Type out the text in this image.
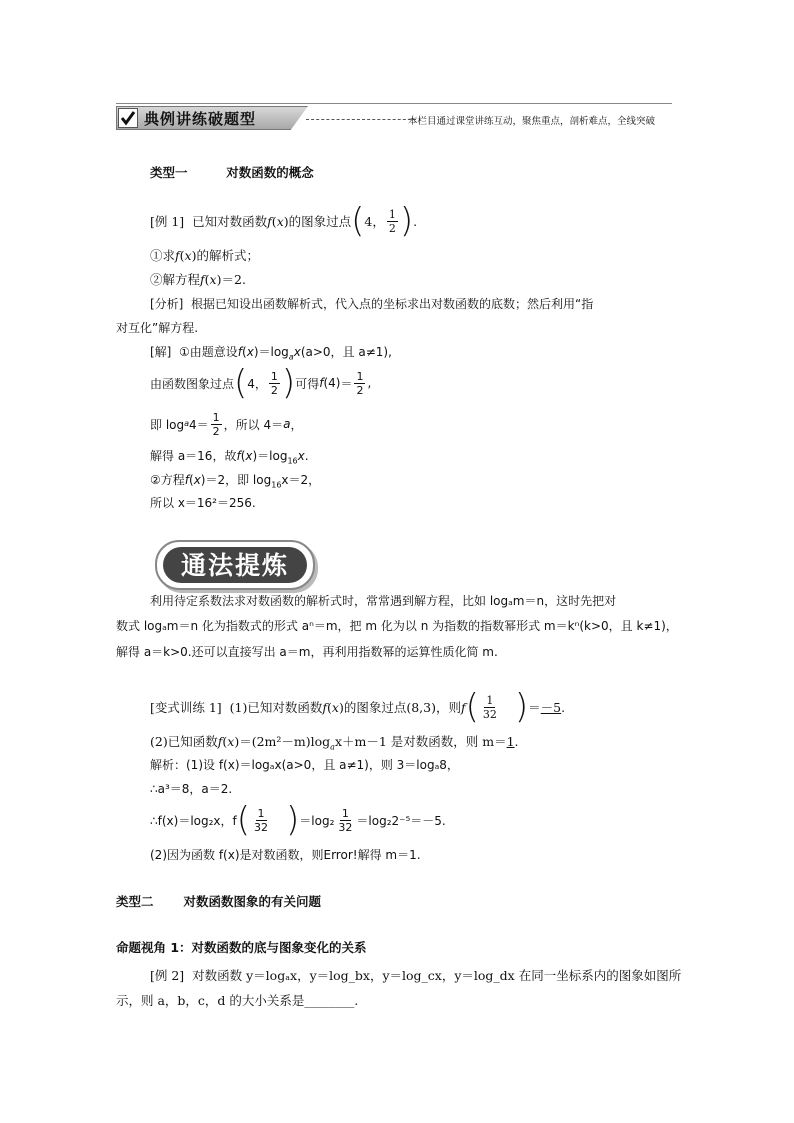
典例讲练破题型	本栏目通过课堂讲练互动，聚焦重点，剖析难点，全线突破
类型一	对数函数的概念
[例 1]
已知对数函数 f ( x ) 的图象过点 ( 4， $\frac{1}{2}$ ) .
①求f(x)的解析式；
②解方程f(x)＝2.
[分析] 根据已知设出函数解析式，代入点的坐标求出对数函数的底数；然后利用“指
对互化”解方程.
[解] ①由题意设$f(x)=\log_ax(a>0$，且 a≠1),
由函数图象过点 ( 4， $\frac{1}{2}$ ) 可得 f $(4) = \frac{1}{2}$ ,
即 log a $4= \frac{1}{2}$ ，所以 4＝ a ，
解得 a＝16，故$f(x)=\log_{16}x$.
②方程f(x)＝2，即 $\log_{16}x=2$，
所以 x＝16²＝256.
通法提炼
利用待定系数法求对数函数的解析式时，常常遇到解方程，比如 logₐm＝n，这时先把对
数式 logₐm＝n 化为指数式的形式 aⁿ＝m，把 m 化为以 n 为指数的指数幂形式 m＝kⁿ(k>0，且 k≠1)，
解得 a＝k>0.还可以直接写出 a＝m，再利用指数幂的运算性质化简 m.
[变式训练 1]
(1)已知对数函数 f ( x ) 的图象过点(8,3)，则 f ( $\frac{1}{32}$ ) ＝ －5 .
(2)已知函数$f(x)=(2m^2-m)\log_ax+m-1$ 是对数函数，则 m＝1.
解析：(1)设 f(x)＝logₐx(a>0，且 a≠1)，则 3＝logₐ8，
∴a³＝8，a＝2.
∴f(x)＝log₂x，f ( $\frac{1}{32}$ ) $=\log_2 \frac{1}{32} =\log_22^{-5}=-5$.
(2)因为函数 f(x)是对数函数，则Error!解得 m＝1.
类型二 对数函数图象的有关问题
命题视角 1：对数函数的底与图象变化的关系
[例 2] 对数函数 y＝logₐx，y＝log_bx，y＝log_cx，y＝log_dx 在同一坐标系内的图象如图所
示，则 a，b，c，d 的大小关系是________.
